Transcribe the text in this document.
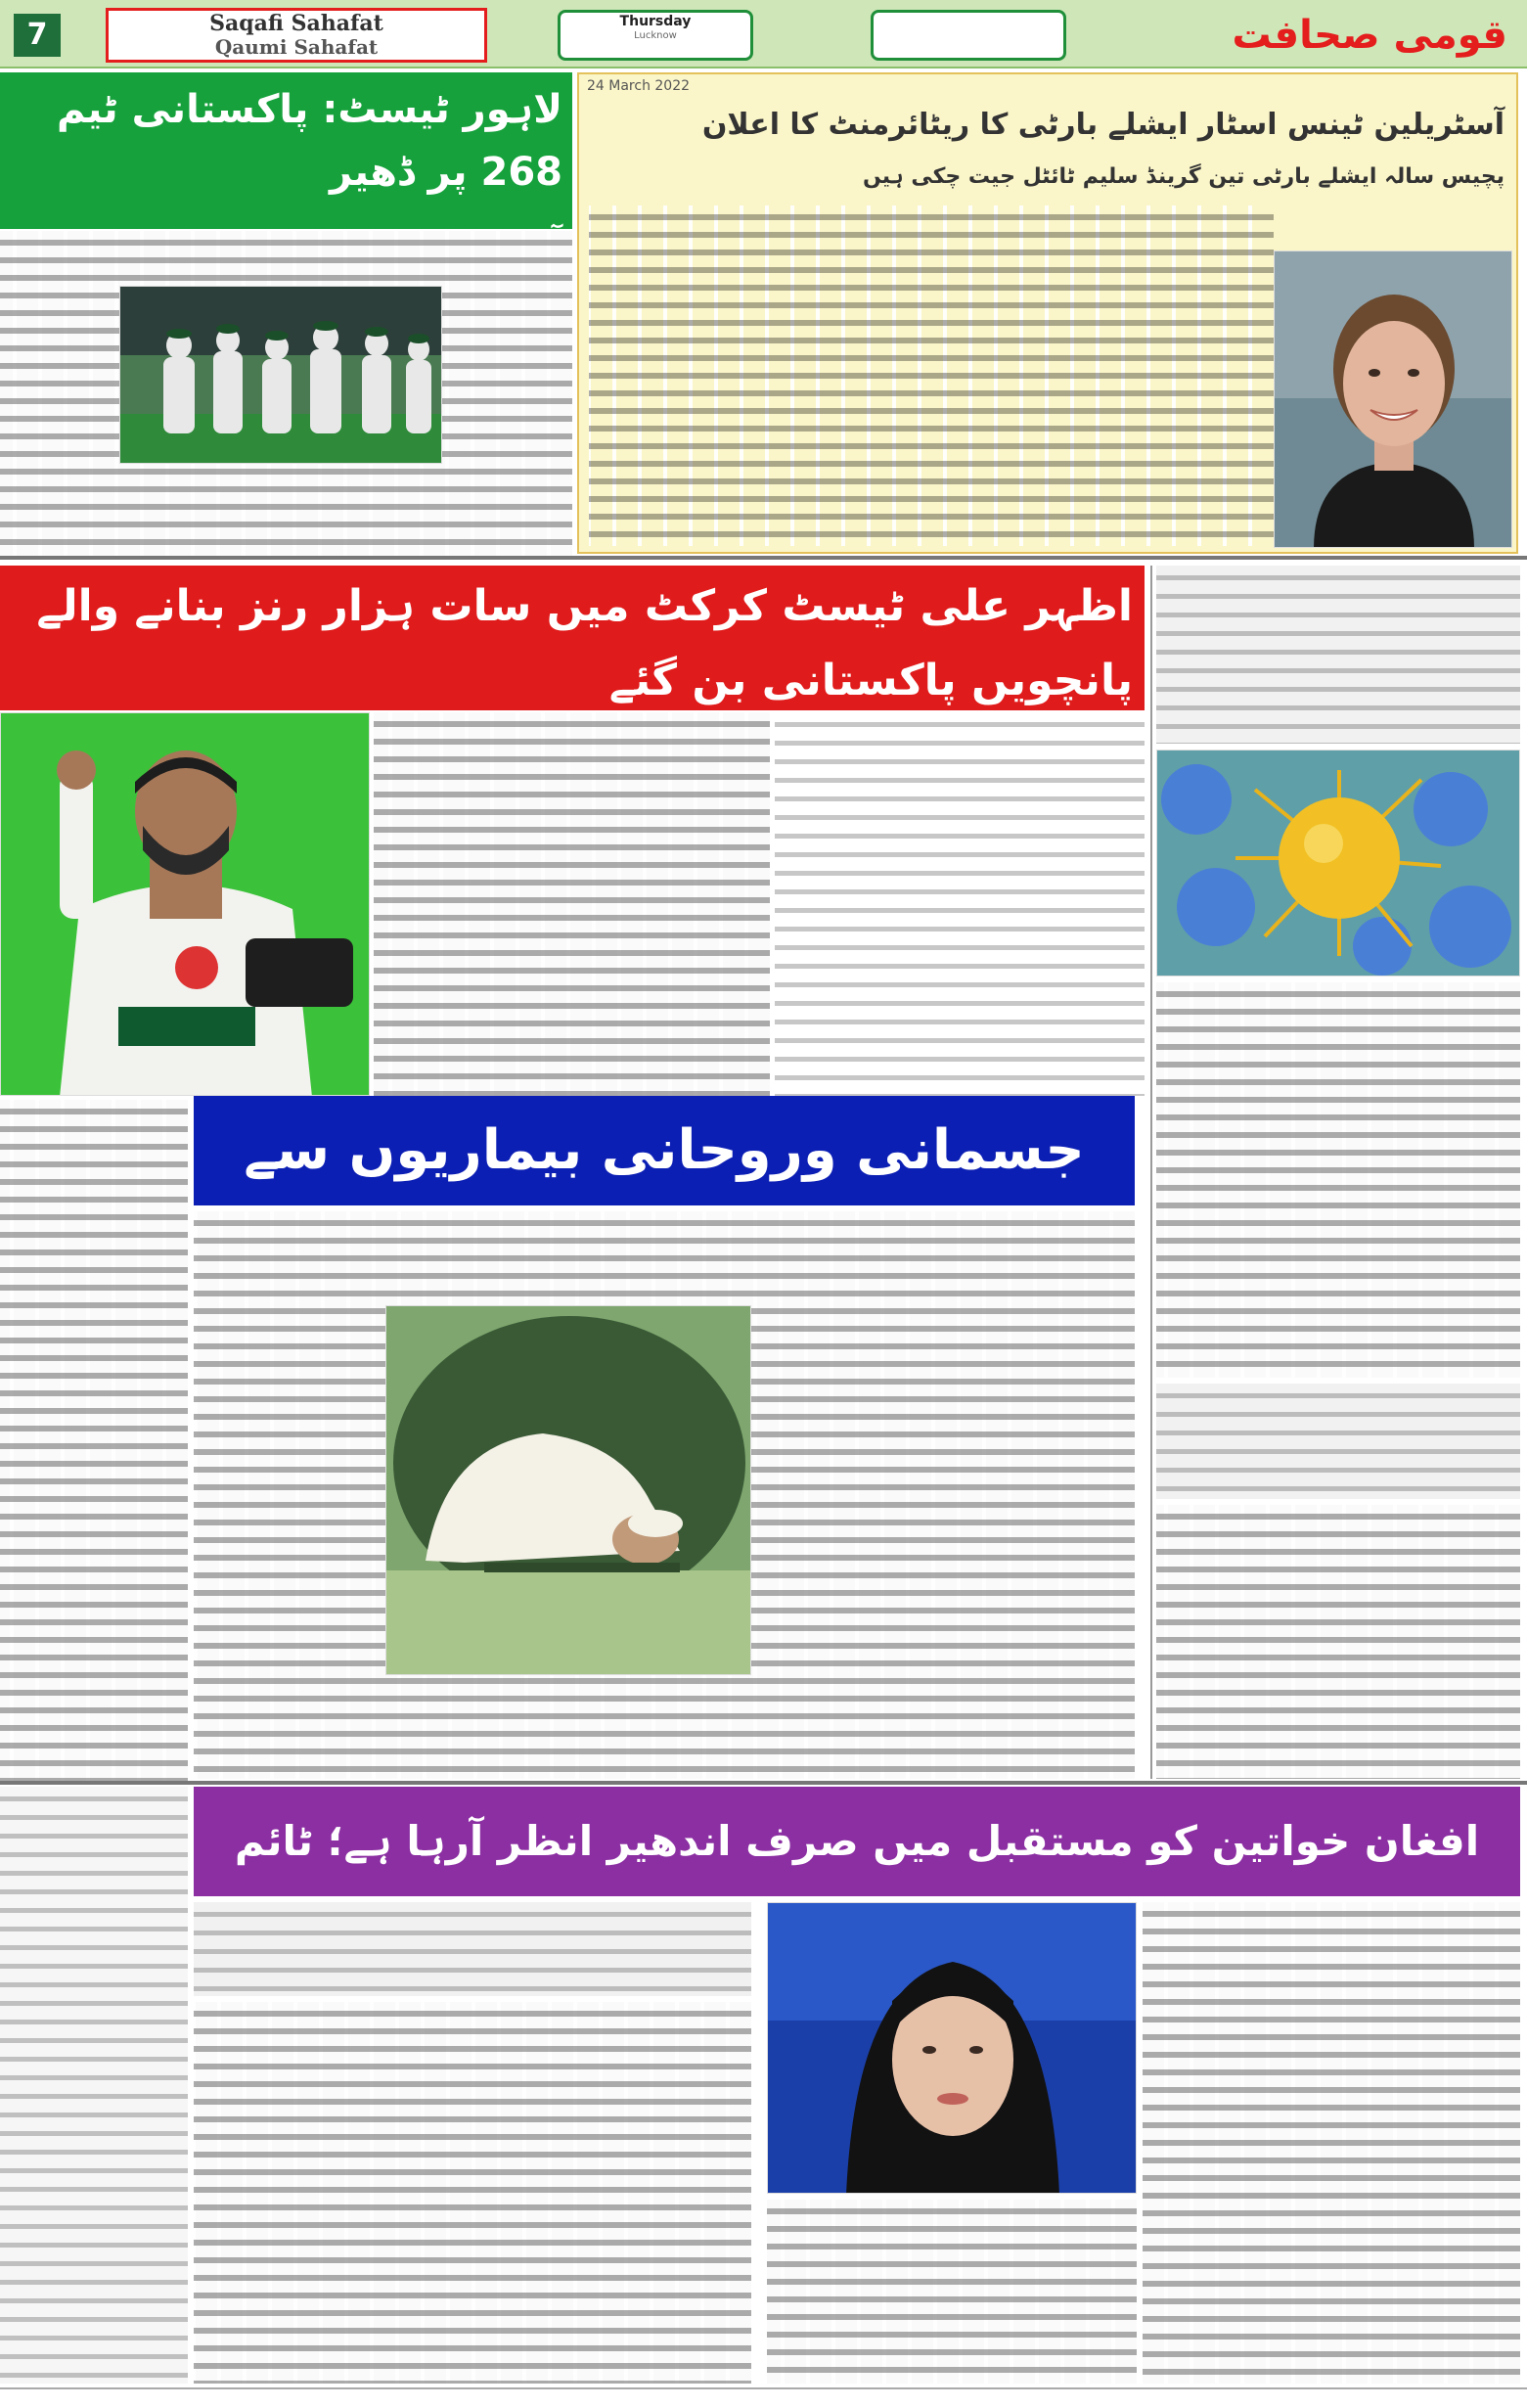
7	Saqafi Sahafat
Qaumi Sahafat
Thursday
Lucknow	قومی صحافت
لاہور ٹیسٹ: پاکستانی ٹیم 268 پر ڈھیر
24 March 2022
آسٹریلین ٹینس اسٹار ایشلے بارٹی کا ریٹائرمنٹ کا اعلان
پچیس سالہ ایشلے بارٹی تین گرینڈ سلیم ٹائٹل جیت چکی ہیں
اظہر علی ٹیسٹ کرکٹ میں سات ہزار رنز بنانے والے پانچویں پاکستانی بن گئے
جسمانی وروحانی بیماریوں سے
افغان خواتین کو مستقبل میں صرف اندھیر انظر آرہا ہے؛ ٹائم
